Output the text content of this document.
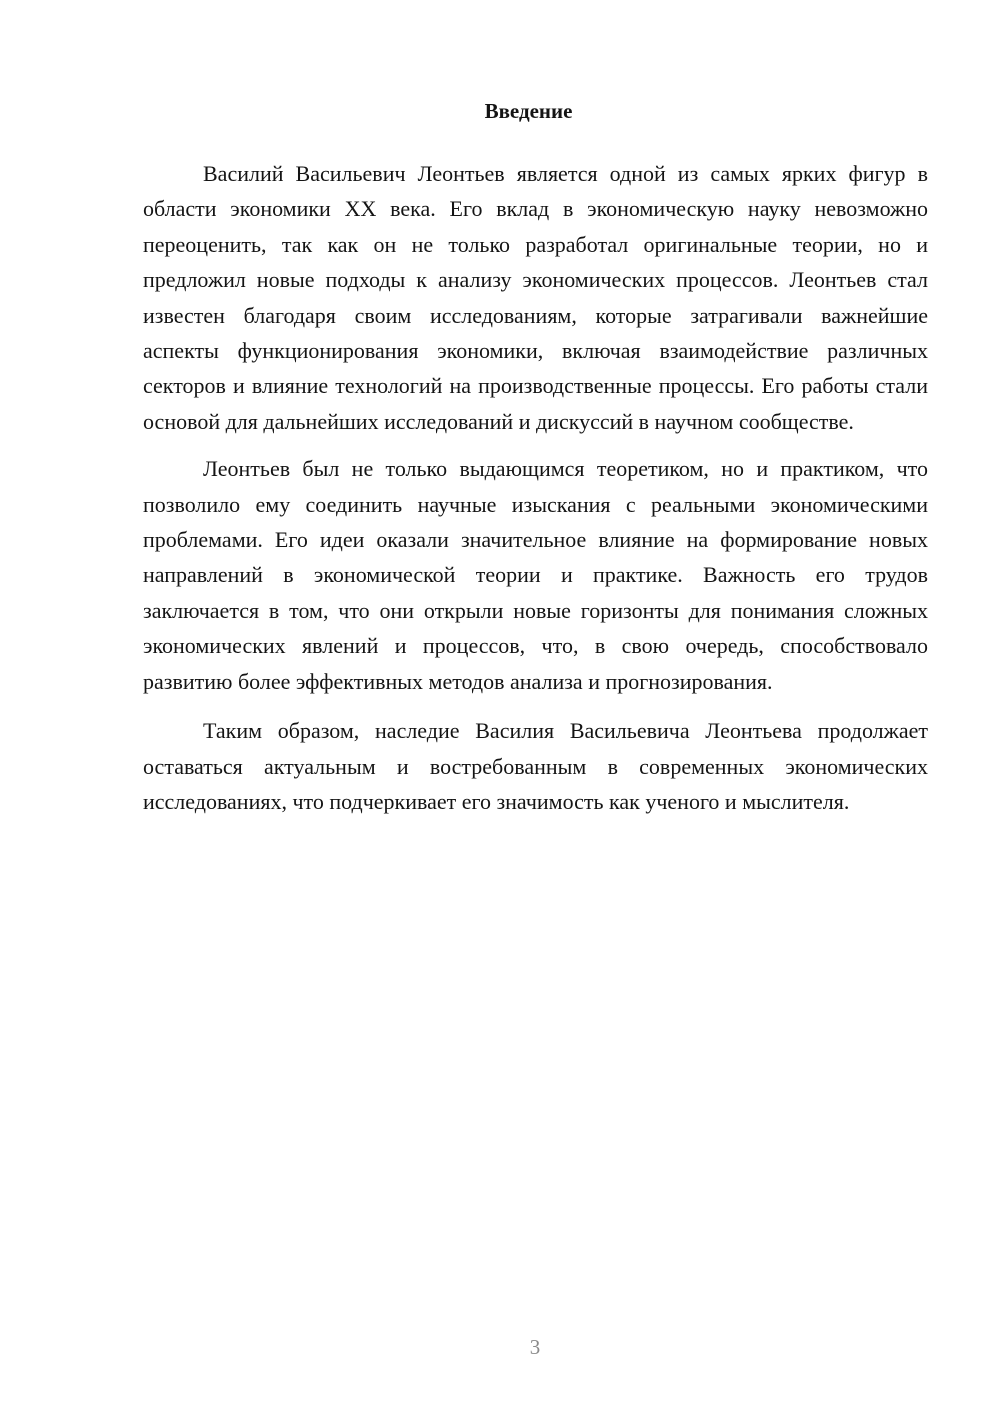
Введение

Василий Васильевич Леонтьев является одной из самых ярких фигур в области экономики XX века. Его вклад в экономическую науку невозможно переоценить, так как он не только разработал оригинальные теории, но и предложил новые подходы к анализу экономических процессов. Леонтьев стал известен благодаря своим исследованиям, которые затрагивали важнейшие аспекты функционирования экономики, включая взаимодействие различных секторов и влияние технологий на производственные процессы. Его работы стали основой для дальнейших исследований и дискуссий в научном сообществе.

Леонтьев был не только выдающимся теоретиком, но и практиком, что позволило ему соединить научные изыскания с реальными экономическими проблемами. Его идеи оказали значительное влияние на формирование новых направлений в экономической теории и практике. Важность его трудов заключается в том, что они открыли новые горизонты для понимания сложных экономических явлений и процессов, что, в свою очередь, способствовало развитию более эффективных методов анализа и прогнозирования.

Таким образом, наследие Василия Васильевича Леонтьева продолжает оставаться актуальным и востребованным в современных экономических исследованиях, что подчеркивает его значимость как ученого и мыслителя.

3
